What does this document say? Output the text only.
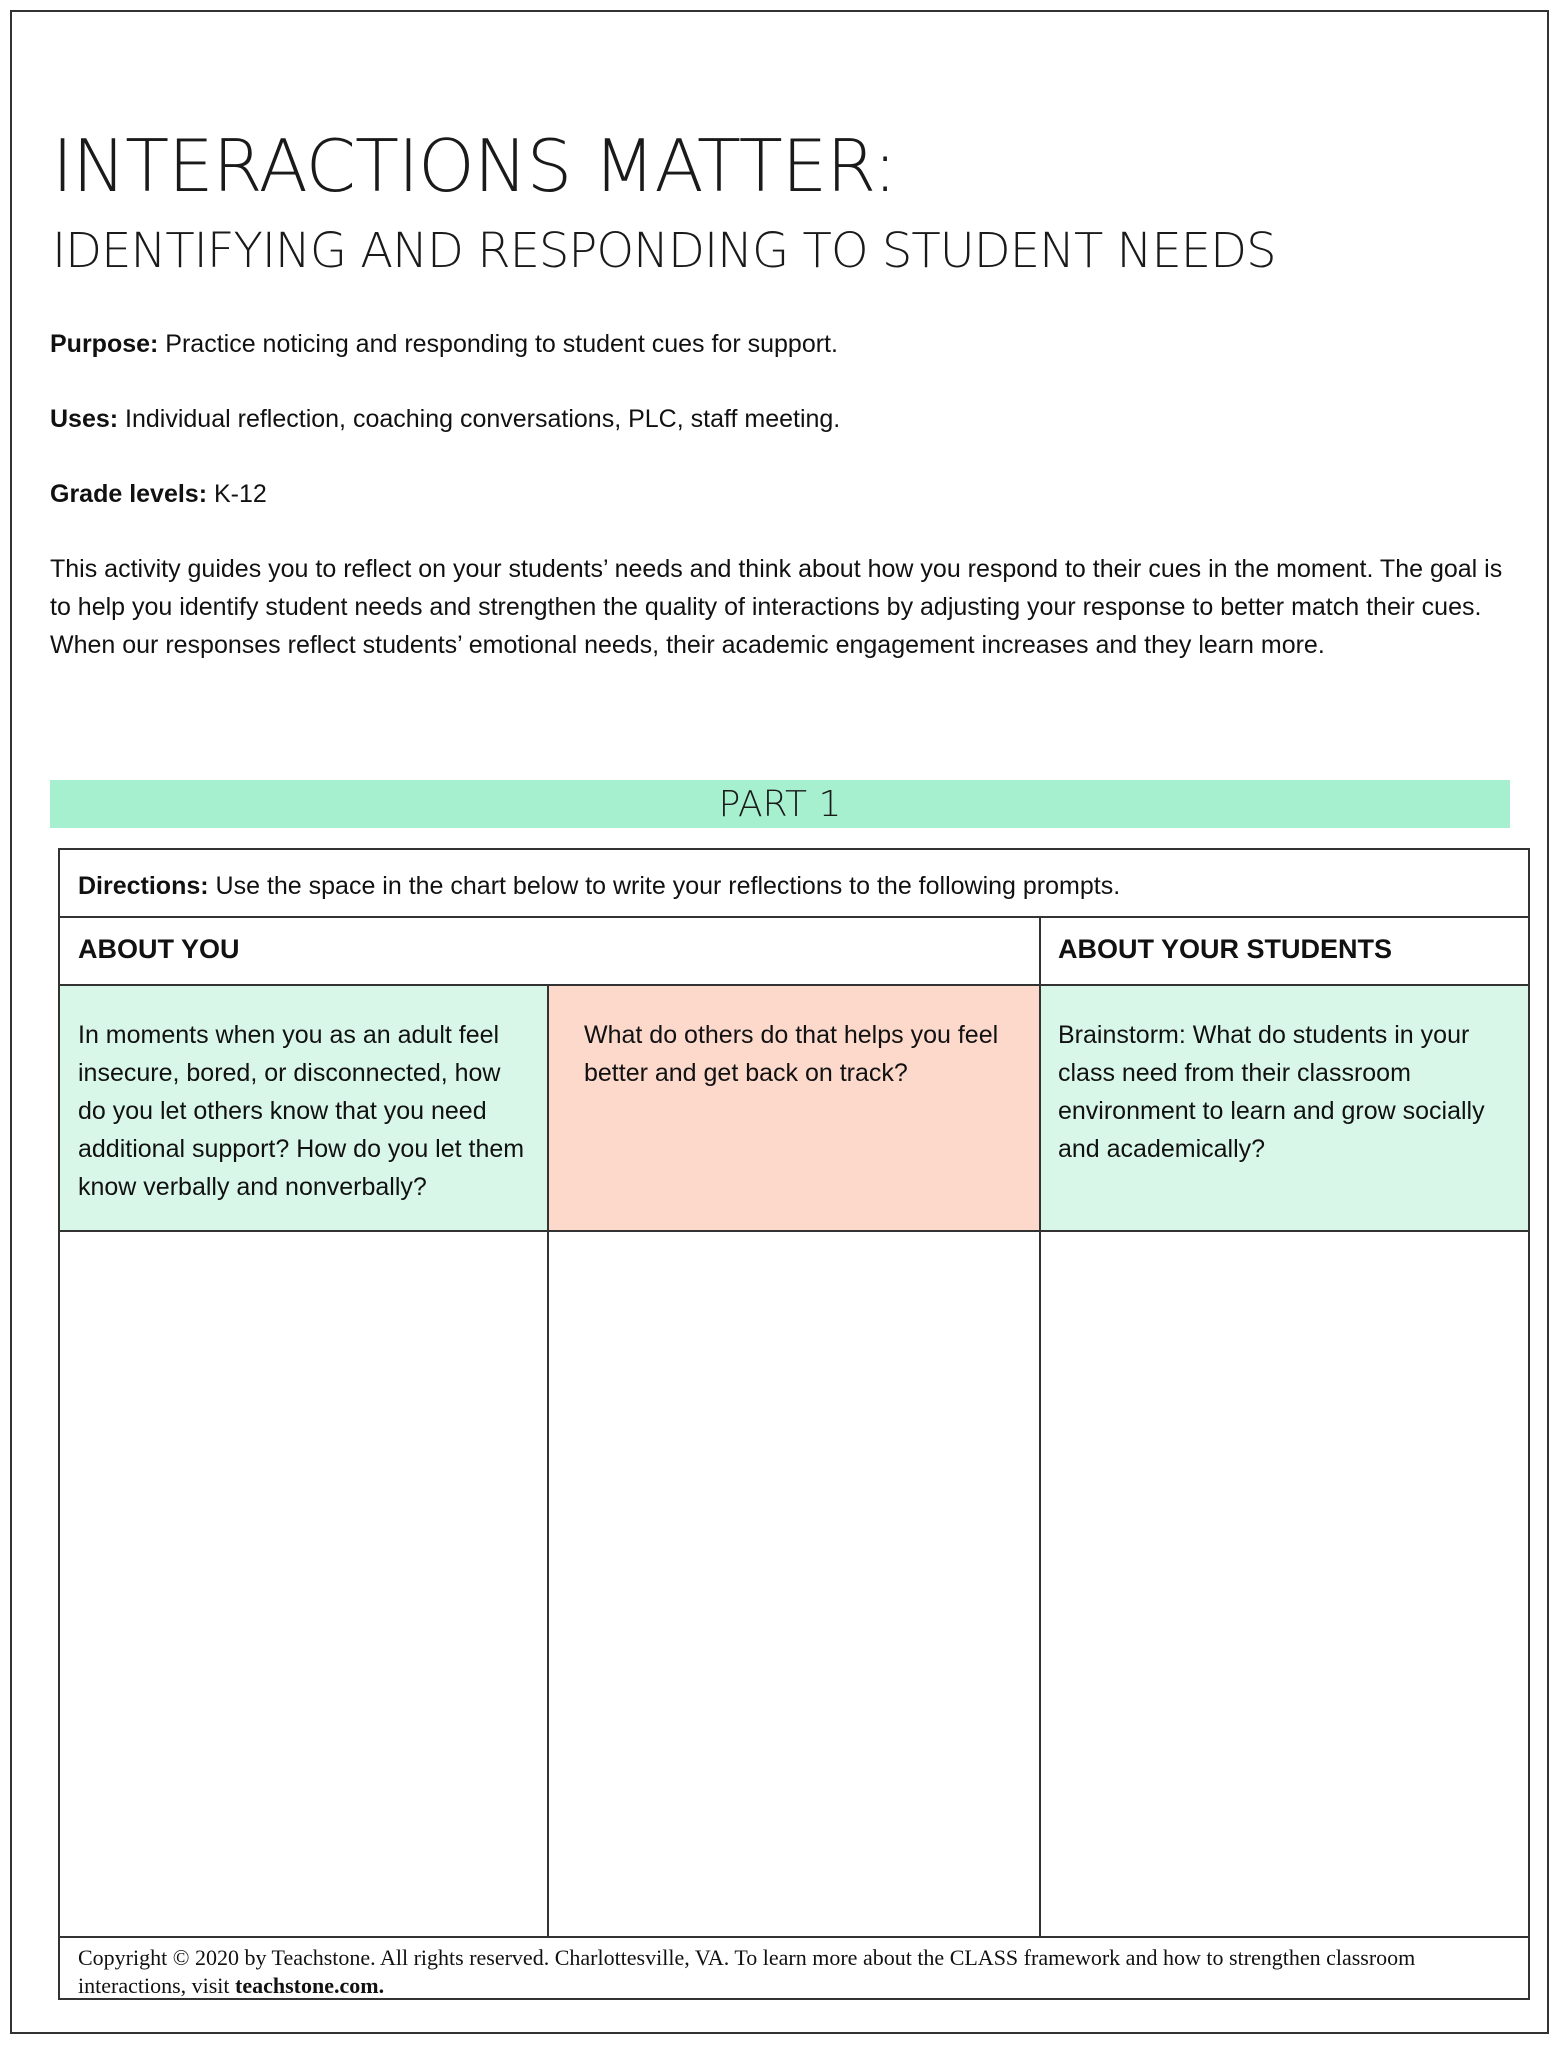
INTERACTIONS MATTER:
IDENTIFYING AND RESPONDING TO STUDENT NEEDS
Purpose: Practice noticing and responding to student cues for support.
Uses: Individual reflection, coaching conversations, PLC, staff meeting.
Grade levels: K-12
This activity guides you to reflect on your students’ needs and think about how you respond to their cues in the moment. The goal is to help you identify student needs and strengthen the quality of interactions by adjusting your response to better match their cues. When our responses reflect students’ emotional needs, their academic engagement increases and they learn more.
PART 1
Directions: Use the space in the chart below to write your reflections to the following prompts.
ABOUT YOU	ABOUT YOUR STUDENTS
In moments when you as an adult feel insecure, bored, or disconnected, how do you let others know that you need additional support? How do you let them know verbally and nonverbally?
What do others do that helps you feel better and get back on track?
Brainstorm: What do students in your class need from their classroom environment to learn and grow socially and academically?
Copyright © 2020 by Teachstone. All rights reserved. Charlottesville, VA. To learn more about the CLASS framework and how to strengthen classroom interactions, visit teachstone.com.
